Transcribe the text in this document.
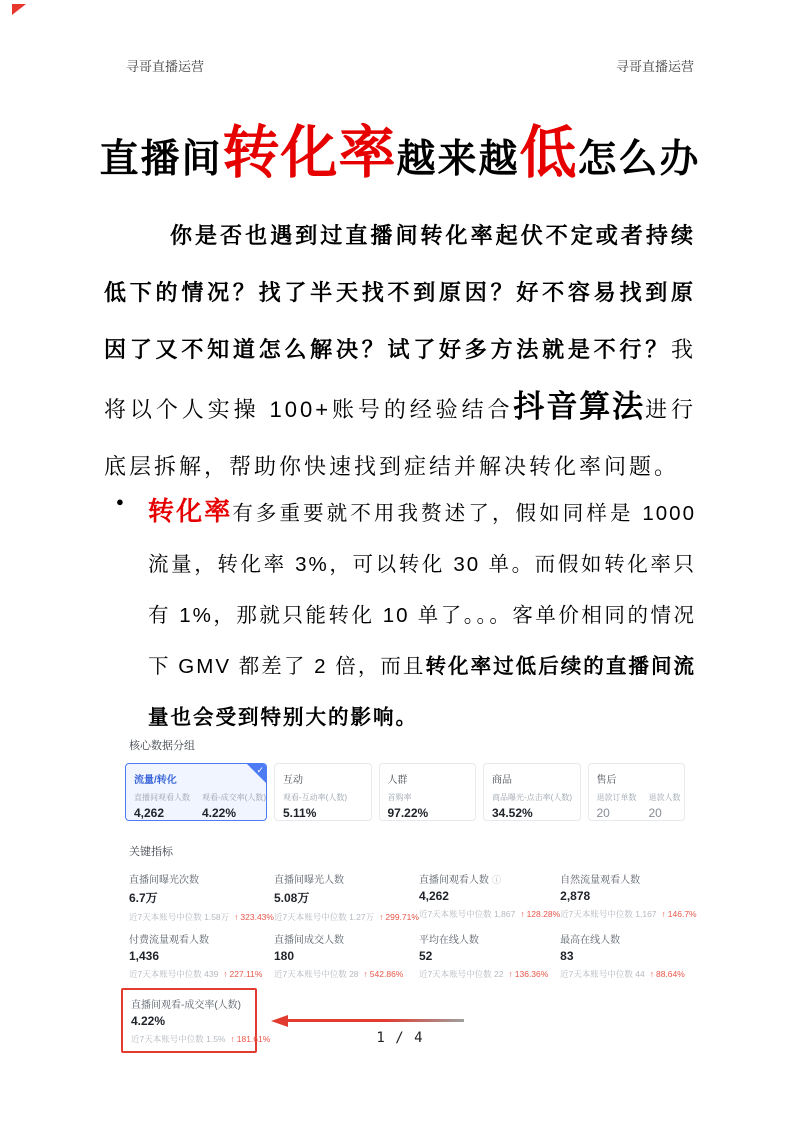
寻哥直播运营	寻哥直播运营
直播间转化率越来越低怎么办

你是否也遇到过直播间转化率起伏不定或者持续低下的情况？找了半天找不到原因？好不容易找到原因了又不知道怎么解决？试了好多方法就是不行？我将以个人实操 100+账号的经验结合抖音算法进行底层拆解，帮助你快速找到症结并解决转化率问题。

● 转化率有多重要就不用我赘述了，假如同样是 1000 流量，转化率 3%，可以转化 30 单。而假如转化率只有 1%，那就只能转化 10 单了。。。客单价相同的情况下 GMV 都差了 2 倍，而且转化率过低后续的直播间流量也会受到特别大的影响。
核心数据分组
✓
流量/转化
直播间观看人数
4,262
观看-成交率(人数)
4.22%
互动
观看-互动率(人数)
5.11%
人群
首购率
97.22%
商品
商品曝光-点击率(人数)
34.52%
售后
退款订单数
20
退款人数
20
关键指标
直播间曝光次数
6.7万
近7天本账号中位数 1.58万 ↑ 323.43%
直播间曝光人数
5.08万
近7天本账号中位数 1.27万 ↑ 299.71%
直播间观看人数 ⓘ
4,262
近7天本账号中位数 1,867 ↑ 128.28%
自然流量观看人数
2,878
近7天本账号中位数 1,167 ↑ 146.7%
付费流量观看人数
1,436
近7天本账号中位数 439 ↑ 227.11%
直播间成交人数
180
近7天本账号中位数 28 ↑ 542.86%
平均在线人数
52
近7天本账号中位数 22 ↑ 136.36%
最高在线人数
83
近7天本账号中位数 44 ↑ 88.64%
直播间观看-成交率(人数)
4.22%
近7天本账号中位数 1.5% ↑ 181.61%	1 / 4
